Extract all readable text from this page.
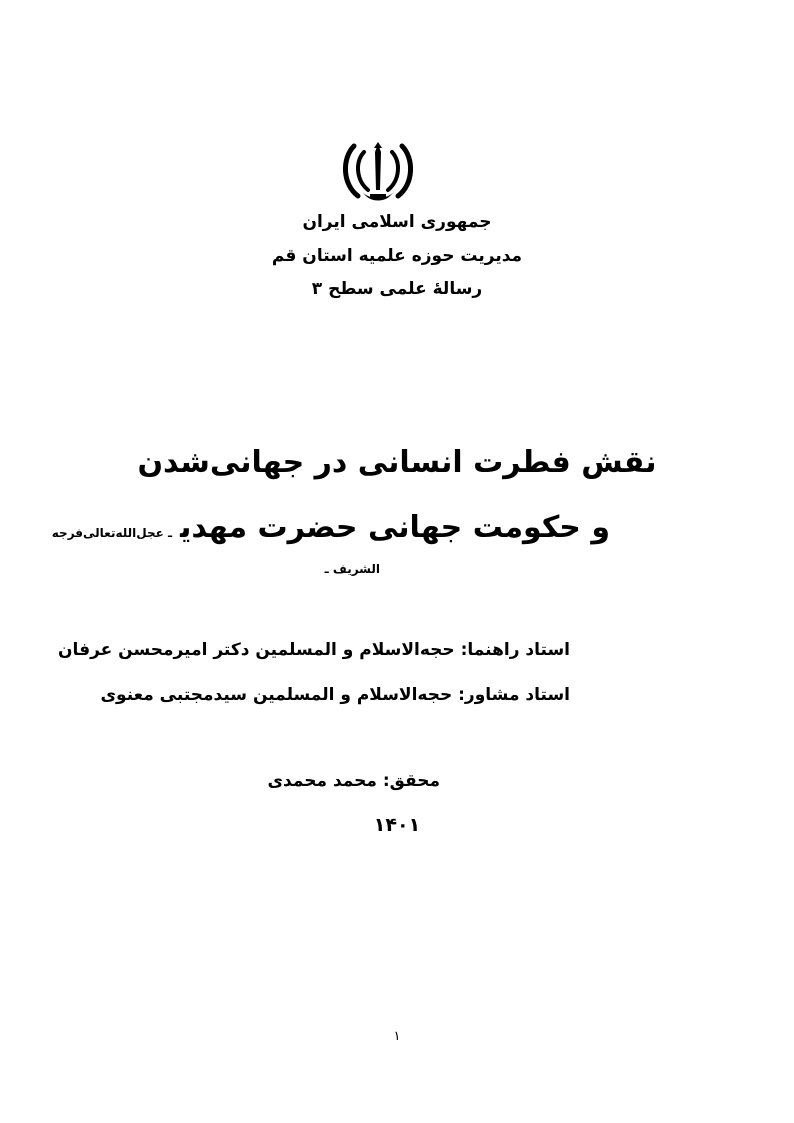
جمهوری اسلامی ایران
مدیریت حوزه علمیه استان قم
رسالۀ علمی سطح ۳
نقش فطرت انسانی در جهانی‌شدن
و حکومت جهانی حضرت مهدیـ عجل‌الله‌تعالی‌فرجه‌
الشریف ـ
استاد راهنما: حجه‌الاسلام و المسلمین دکتر امیرمحسن عرفان
استاد مشاور: حجه‌الاسلام و المسلمین سیدمجتبی معنوی
محقق: محمد محمدی
۱۴۰۱
۱
